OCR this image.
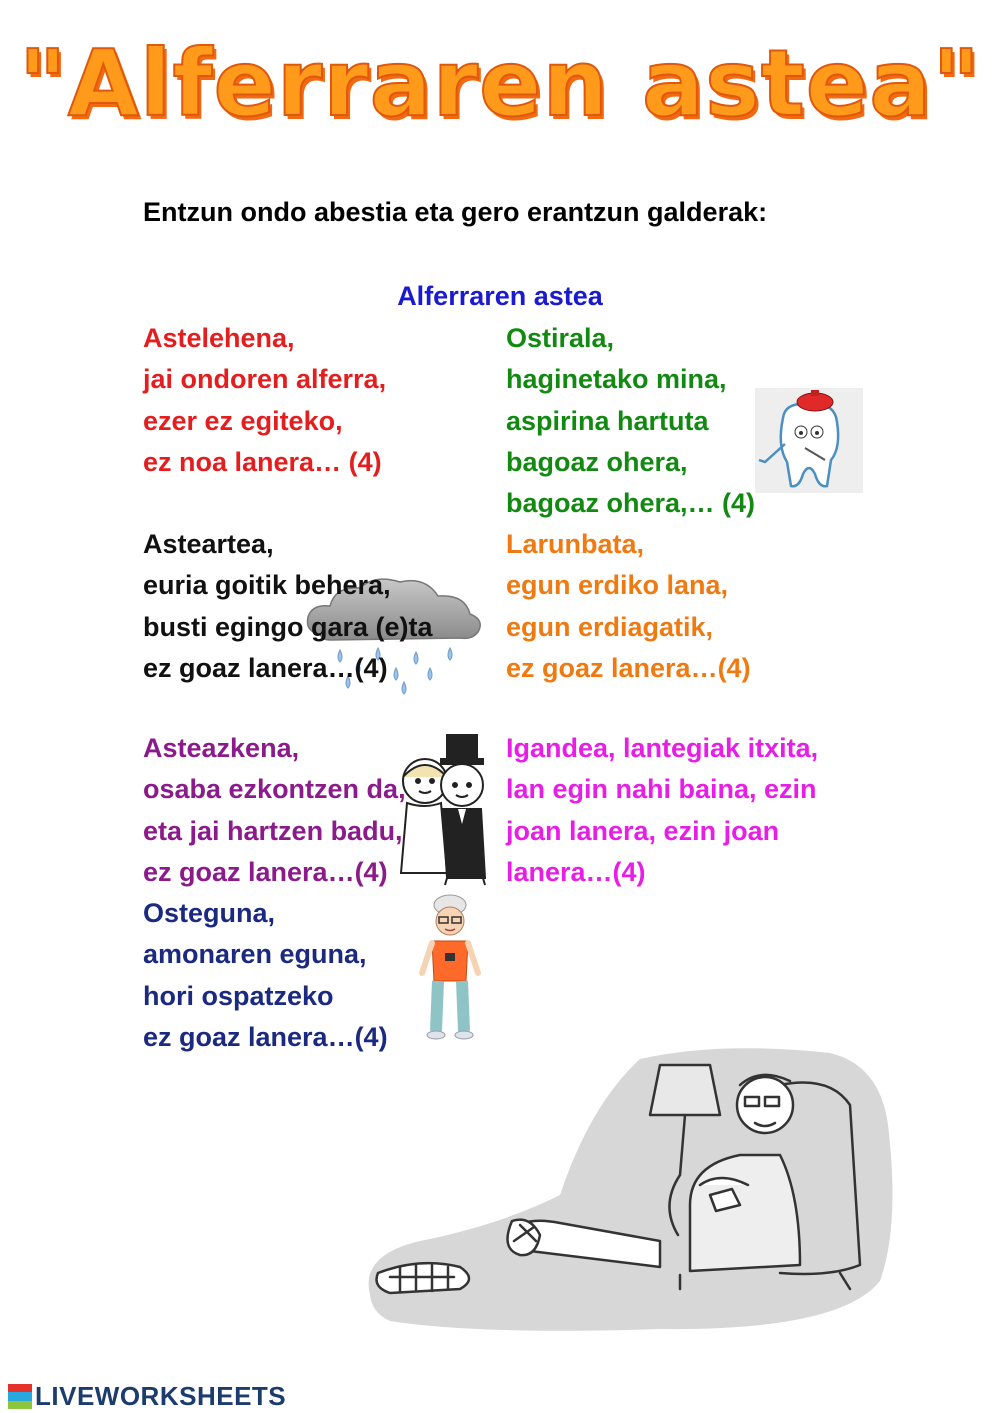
"Alferraren astea"
Entzun ondo abestia eta gero erantzun galderak:
Alferraren astea
Astelehena,
jai ondoren alferra,
ezer ez egiteko,
ez noa lanera… (4)
Asteartea,
euria goitik behera,
busti egingo gara (e)ta
ez goaz lanera…(4)
Asteazkena,
osaba ezkontzen da,
eta jai hartzen badu,
ez goaz lanera…(4)
Osteguna,
amonaren eguna,
hori ospatzeko
ez goaz lanera…(4)
Ostirala,
haginetako mina,
aspirina hartuta
bagoaz ohera,
bagoaz ohera,… (4)
Larunbata,
egun erdiko lana,
egun erdiagatik,
ez goaz lanera…(4)
Igandea, lantegiak itxita,
lan egin nahi baina, ezin
joan lanera, ezin joan
lanera…(4)
LIVEWORKSHEETS
